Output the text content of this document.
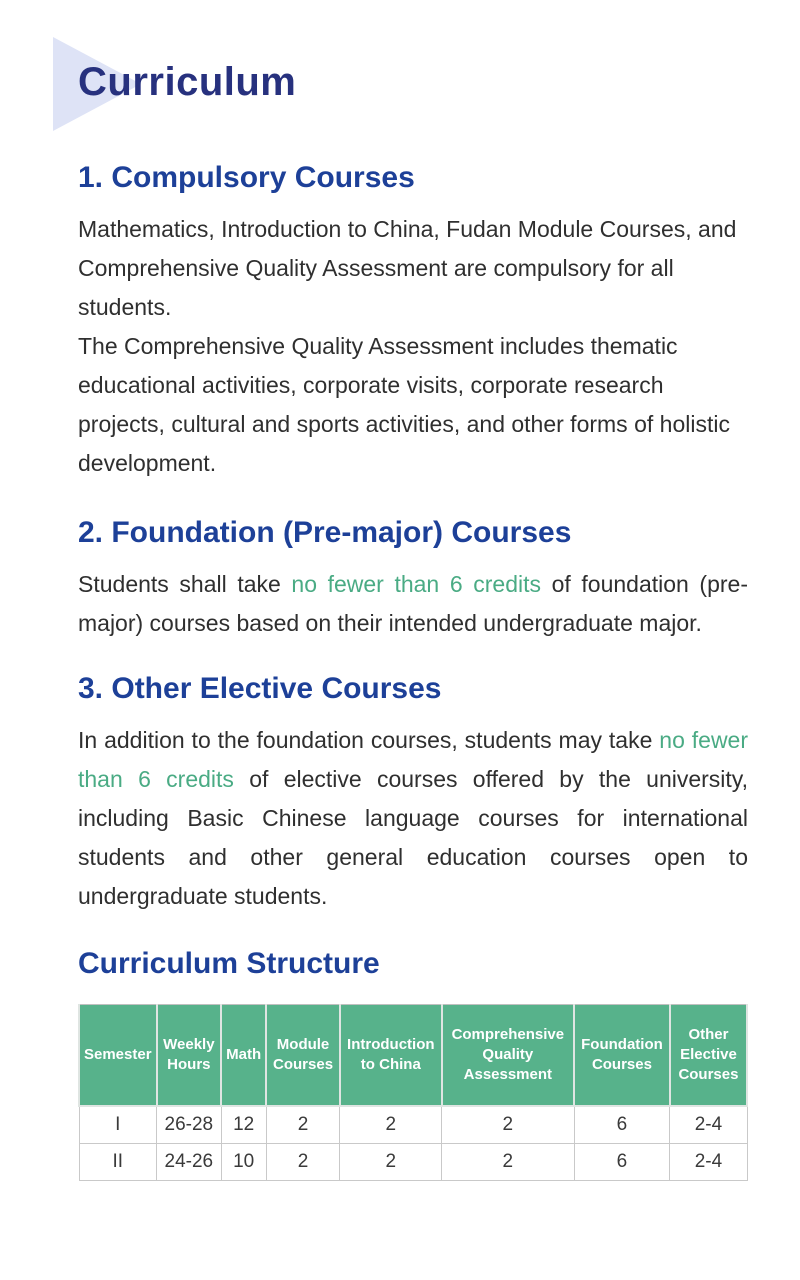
Curriculum
1. Compulsory Courses

Mathematics, Introduction to China, Fudan Module Courses, and Comprehensive Quality Assessment are compulsory for all students.

The Comprehensive Quality Assessment includes thematic educational activities, corporate visits, corporate research projects, cultural and sports activities, and other forms of holistic development.

2. Foundation (Pre-major) Courses

Students shall take no fewer than 6 credits of foundation (pre-major) courses based on their intended undergraduate major.

3. Other Elective Courses

In addition to the foundation courses, students may take no fewer than 6 credits of elective courses offered by the university, including Basic Chinese language courses for international students and other general education courses open to undergraduate students.

Curriculum Structure
Semester	Weekly Hours	Math	Module Courses	Introduction to China	Comprehensive Quality Assessment	Foundation Courses	Other Elective Courses
I	26-28	12	2	2	2	6	2-4
II	24-26	10	2	2	2	6	2-4
